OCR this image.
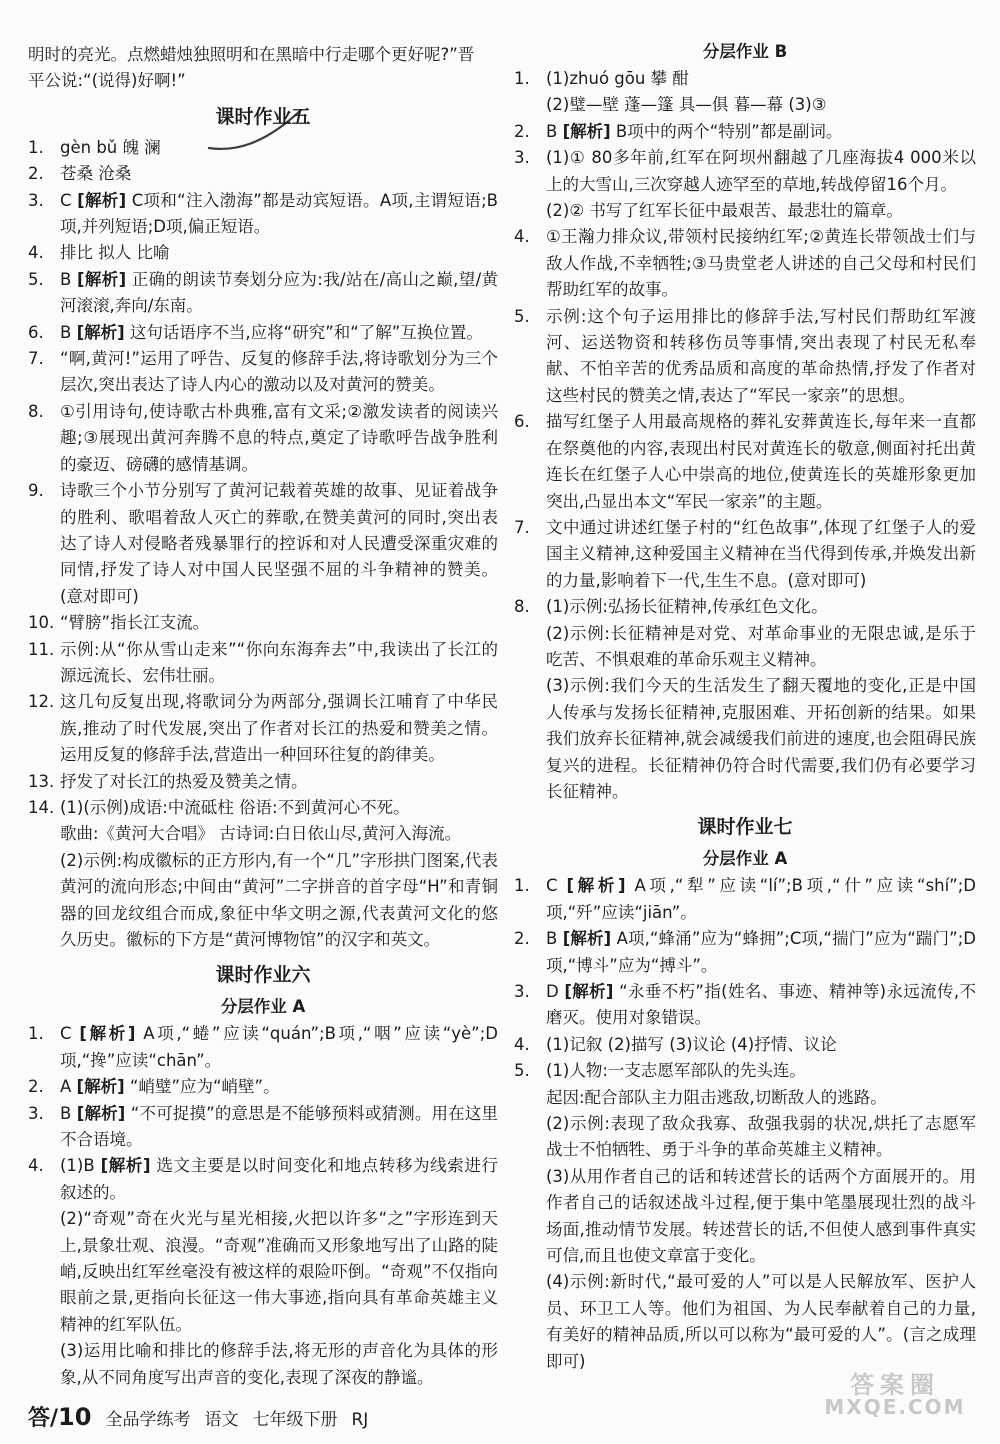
明时的亮光。点燃蜡烛独照明和在黑暗中行走哪个更好呢?”晋
平公说:“(说得)好啊!”
课时作业五
1. gèn bǔ 魄 澜
2. 苍桑 沧桑
3. C [解析] C项和“注入渤海”都是动宾短语。A项,主谓短语;B项,并列短语;D项,偏正短语。
4. 排比 拟人 比喻
5. B [解析] 正确的朗读节奏划分应为:我/站在/高山之巅,望/黄河滚滚,奔向/东南。
6. B [解析] 这句话语序不当,应将“研究”和“了解”互换位置。
7. “啊,黄河!”运用了呼告、反复的修辞手法,将诗歌划分为三个层次,突出表达了诗人内心的激动以及对黄河的赞美。
8. ①引用诗句,使诗歌古朴典雅,富有文采;②激发读者的阅读兴趣;③展现出黄河奔腾不息的特点,奠定了诗歌呼告战争胜利的豪迈、磅礴的感情基调。
9. 诗歌三个小节分别写了黄河记载着英雄的故事、见证着战争的胜利、歌唱着敌人灭亡的葬歌,在赞美黄河的同时,突出表达了诗人对侵略者残暴罪行的控诉和对人民遭受深重灾难的同情,抒发了诗人对中国人民坚强不屈的斗争精神的赞美。(意对即可)
10. “臂膀”指长江支流。
11. 示例:从“你从雪山走来”“你向东海奔去”中,我读出了长江的源远流长、宏伟壮丽。
12. 这几句反复出现,将歌词分为两部分,强调长江哺育了中华民族,推动了时代发展,突出了作者对长江的热爱和赞美之情。运用反复的修辞手法,营造出一种回环往复的韵律美。
13. 抒发了对长江的热爱及赞美之情。
14. (1)(示例)成语:中流砥柱 俗语:不到黄河心不死。
歌曲:《黄河大合唱》 古诗词:白日依山尽,黄河入海流。
(2)示例:构成徽标的正方形内,有一个“几”字形拱门图案,代表黄河的流向形态;中间由“黄河”二字拼音的首字母“H”和青铜器的回龙纹组合而成,象征中华文明之源,代表黄河文化的悠久历史。徽标的下方是“黄河博物馆”的汉字和英文。
课时作业六
分层作业 A
1. C [解析] A项,“蜷”应读“quán”;B项,“咽”应读“yè”;D项,“搀”应读“chān”。
2. A [解析] “峭璧”应为“峭壁”。
3. B [解析] “不可捉摸”的意思是不能够预料或猜测。用在这里不合语境。
4. (1)B [解析] 选文主要是以时间变化和地点转移为线索进行叙述的。
(2)“奇观”奇在火光与星光相接,火把以许多“之”字形连到天上,景象壮观、浪漫。“奇观”准确而又形象地写出了山路的陡峭,反映出红军丝毫没有被这样的艰险吓倒。“奇观”不仅指向眼前之景,更指向长征这一伟大事迹,指向具有革命英雄主义精神的红军队伍。
(3)运用比喻和排比的修辞手法,将无形的声音化为具体的形象,从不同角度写出声音的变化,表现了深夜的静谧。
分层作业 B
1. (1)zhuó gōu 攀 酣
(2)璧—壁 蓬—篷 具—俱 暮—幕 (3)③
2. B [解析] B项中的两个“特别”都是副词。
3. (1)① 80多年前,红军在阿坝州翻越了几座海拔4 000米以上的大雪山,三次穿越人迹罕至的草地,转战停留16个月。
(2)② 书写了红军长征中最艰苦、最悲壮的篇章。
4. ①王瀚力排众议,带领村民接纳红军;②黄连长带领战士们与敌人作战,不幸牺牲;③马贵堂老人讲述的自己父母和村民们帮助红军的故事。
5. 示例:这个句子运用排比的修辞手法,写村民们帮助红军渡河、运送物资和转移伤员等事情,突出表现了村民无私奉献、不怕辛苦的优秀品质和高度的革命热情,抒发了作者对这些村民的赞美之情,表达了“军民一家亲”的思想。
6. 描写红堡子人用最高规格的葬礼安葬黄连长,每年来一直都在祭奠他的内容,表现出村民对黄连长的敬意,侧面衬托出黄连长在红堡子人心中崇高的地位,使黄连长的英雄形象更加突出,凸显出本文“军民一家亲”的主题。
7. 文中通过讲述红堡子村的“红色故事”,体现了红堡子人的爱国主义精神,这种爱国主义精神在当代得到传承,并焕发出新的力量,影响着下一代,生生不息。(意对即可)
8. (1)示例:弘扬长征精神,传承红色文化。
(2)示例:长征精神是对党、对革命事业的无限忠诚,是乐于吃苦、不惧艰难的革命乐观主义精神。
(3)示例:我们今天的生活发生了翻天覆地的变化,正是中国人传承与发扬长征精神,克服困难、开拓创新的结果。如果我们放弃长征精神,就会减缓我们前进的速度,也会阻碍民族复兴的进程。长征精神仍符合时代需要,我们仍有必要学习长征精神。
课时作业七
分层作业 A
1. C [解析] A项,“犁”应读“lí”;B项,“什”应读“shí”;D项,“歼”应读“jiān”。
2. B [解析] A项,“蜂涌”应为“蜂拥”;C项,“揣门”应为“踹门”;D项,“博斗”应为“搏斗”。
3. D [解析] “永垂不朽”指(姓名、事迹、精神等)永远流传,不磨灭。使用对象错误。
4. (1)记叙 (2)描写 (3)议论 (4)抒情、议论
5. (1)人物:一支志愿军部队的先头连。
起因:配合部队主力阻击逃敌,切断敌人的逃路。
(2)示例:表现了敌众我寡、敌强我弱的状况,烘托了志愿军战士不怕牺牲、勇于斗争的革命英雄主义精神。
(3)从用作者自己的话和转述营长的话两个方面展开的。用作者自己的话叙述战斗过程,便于集中笔墨展现壮烈的战斗场面,推动情节发展。转述营长的话,不但使人感到事件真实可信,而且也使文章富于变化。
(4)示例:新时代,“最可爱的人”可以是人民解放军、医护人员、环卫工人等。他们为祖国、为人民奉献着自己的力量,有美好的精神品质,所以可以称为“最可爱的人”。(言之成理即可)
答/10 全品学练考 语文 七年级下册 RJ
答案圈
MXQE.COM
